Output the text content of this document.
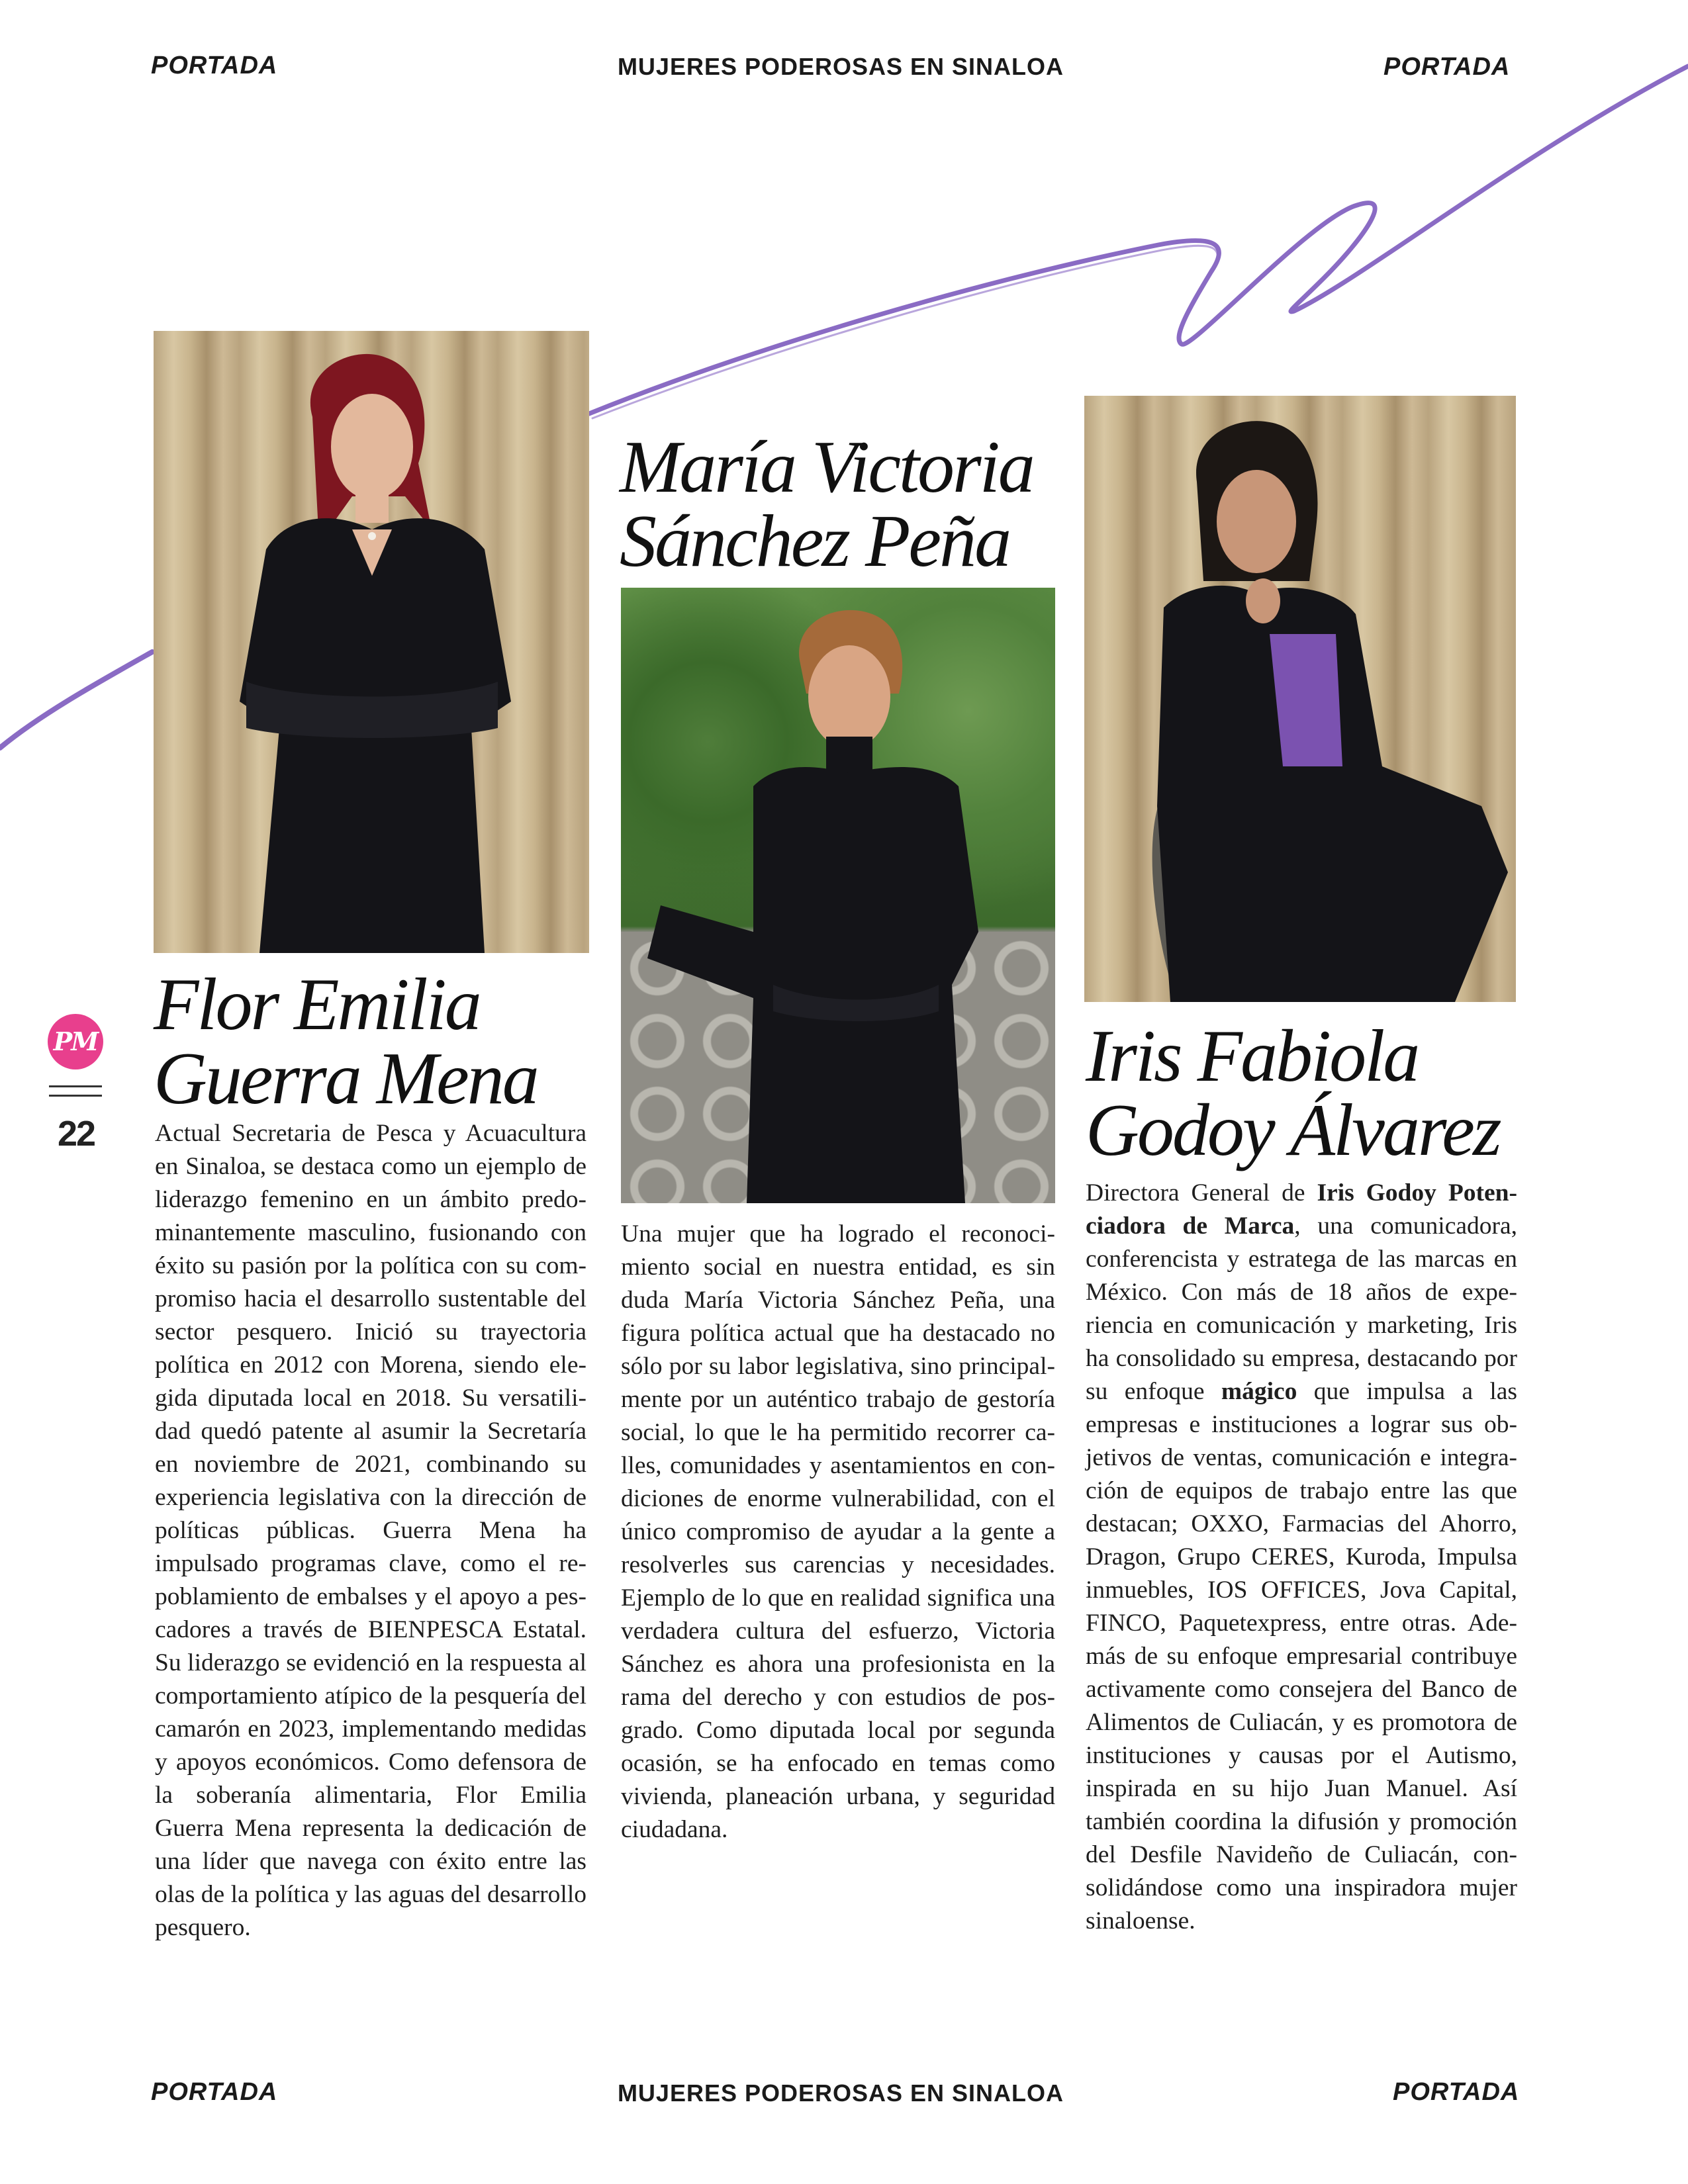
PORTADA	MUJERES PODEROSAS EN SINALOA	PORTADA
Flor Emilia
Guerra Mena
María Victoria
Sánchez Peña
Iris Fabiola
Godoy Álvarez
PM
22	Actual Secretaria de Pesca y Acuacultura en Sinaloa, se destaca como un ejemplo de liderazgo femenino en un ámbito predominantemente masculino, fusionando con éxito su pasión por la política con su compromiso hacia el desarrollo sustentable del sector pesquero. Inició su trayectoria política en 2012 con Morena, siendo elegida diputada local en 2018. Su versatilidad quedó patente al asumir la Secretaría en noviembre de 2021, combinando su experiencia legislativa con la dirección de políticas públicas. Guerra Mena ha impulsado programas clave, como el repoblamiento de embalses y el apoyo a pescadores a través de BIENPESCA Estatal. Su liderazgo se evidenció en la respuesta al comportamiento atípico de la pesquería del camarón en 2023, implementando medidas y apoyos económicos. Como defensora de la soberanía alimentaria, Flor Emilia Guerra Mena representa la dedicación de una líder que navega con éxito entre las olas de la política y las aguas del desarrollo pesquero.
Una mujer que ha logrado el reconocimiento social en nuestra entidad, es sin duda María Victoria Sánchez Peña, una figura política actual que ha destacado no sólo por su labor legislativa, sino principalmente por un auténtico trabajo de gestoría social, lo que le ha permitido recorrer calles, comunidades y asentamientos en condiciones de enorme vulnerabilidad, con el único compromiso de ayudar a la gente a resolverles sus carencias y necesidades. Ejemplo de lo que en realidad significa una verdadera cultura del esfuerzo, Victoria Sánchez es ahora una profesionista en la rama del derecho y con estudios de posgrado. Como diputada local por segunda ocasión, se ha enfocado en temas como vivienda, planeación urbana, y seguridad ciudadana.
Directora General de Iris Godoy Potenciadora de Marca, una comunicadora, conferencista y estratega de las marcas en México. Con más de 18 años de experiencia en comunicación y marketing, Iris ha consolidado su empresa, destacando por su enfoque mágico que impulsa a las empresas e instituciones a lograr sus objetivos de ventas, comunicación e integración de equipos de trabajo entre las que destacan; OXXO, Farmacias del Ahorro, Dragon, Grupo CERES, Kuroda, Impulsa inmuebles, IOS OFFICES, Jova Capital, FINCO, Paquetexpress, entre otras. Además de su enfoque empresarial contribuye activamente como consejera del Banco de Alimentos de Culiacán, y es promotora de instituciones y causas por el Autismo, inspirada en su hijo Juan Manuel. Así también coordina la difusión y promoción del Desfile Navideño de Culiacán, consolidándose como una inspiradora mujer sinaloense.
PORTADA	MUJERES PODEROSAS EN SINALOA	PORTADA
